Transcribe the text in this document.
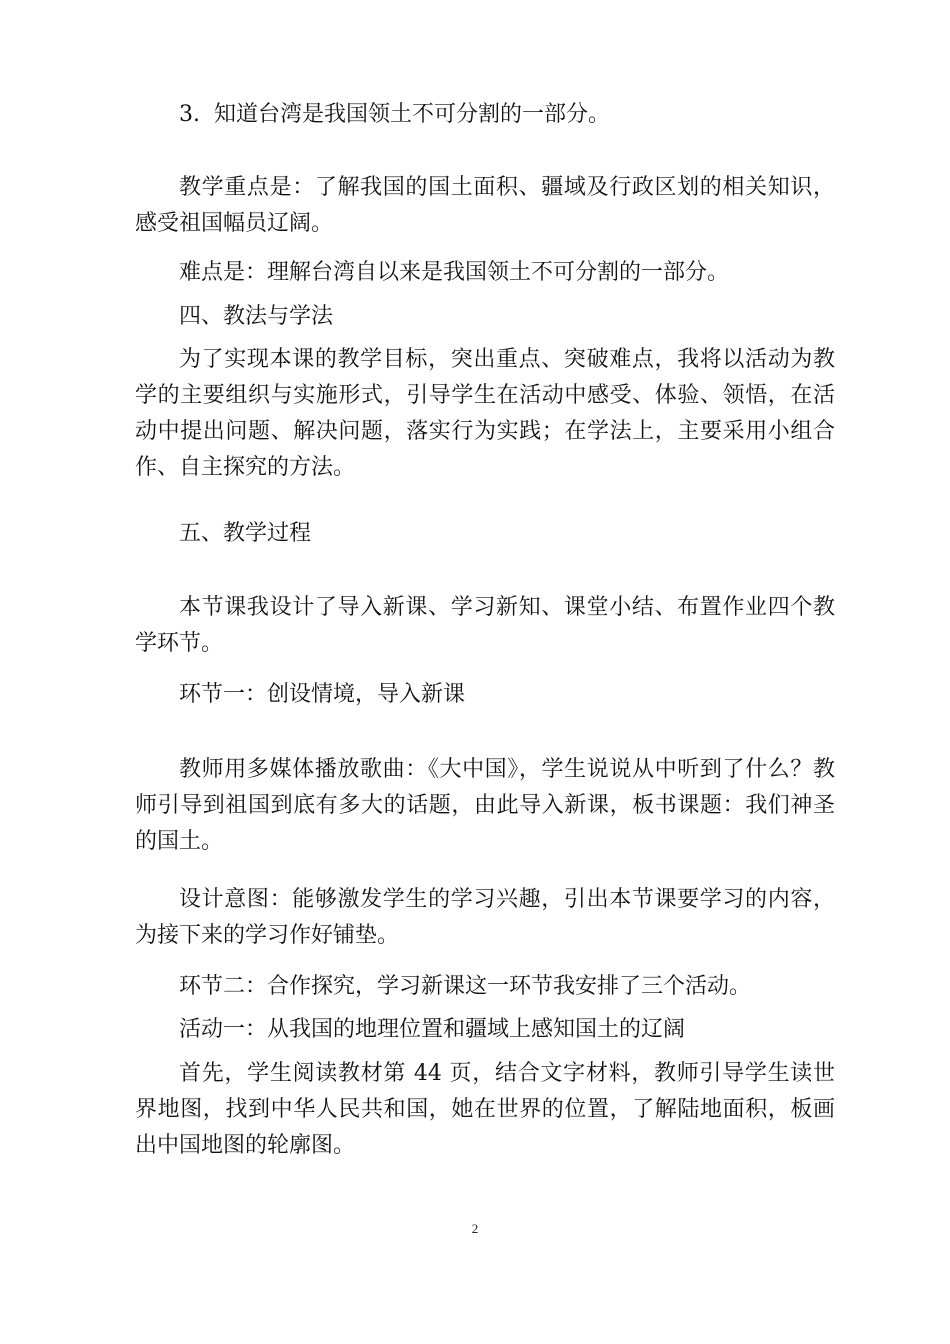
3.  知道台湾是我国领土不可分割的一部分。

教学重点是：了解我国的国土面积、疆域及行政区划的相关知识，感受祖国幅员辽阔。

难点是：理解台湾自以来是我国领土不可分割的一部分。

四、教法与学法

为了实现本课的教学目标，突出重点、突破难点，我将以活动为教学的主要组织与实施形式，引导学生在活动中感受、体验、领悟，在活动中提出问题、解决问题，落实行为实践；在学法上，主要采用小组合作、自主探究的方法。

五、教学过程

本节课我设计了导入新课、学习新知、课堂小结、布置作业四个教学环节。

环节一：创设情境，导入新课

教师用多媒体播放歌曲：《大中国》，学生说说从中听到了什么？教师引导到祖国到底有多大的话题，由此导入新课，板书课题：我们神圣的国土。

设计意图：能够激发学生的学习兴趣，引出本节课要学习的内容，为接下来的学习作好铺垫。

环节二：合作探究，学习新课这一环节我安排了三个活动。

活动一：从我国的地理位置和疆域上感知国土的辽阔

首先，学生阅读教材第 44 页，结合文字材料，教师引导学生读世界地图，找到中华人民共和国，她在世界的位置，了解陆地面积，板画出中国地图的轮廓图。

2
